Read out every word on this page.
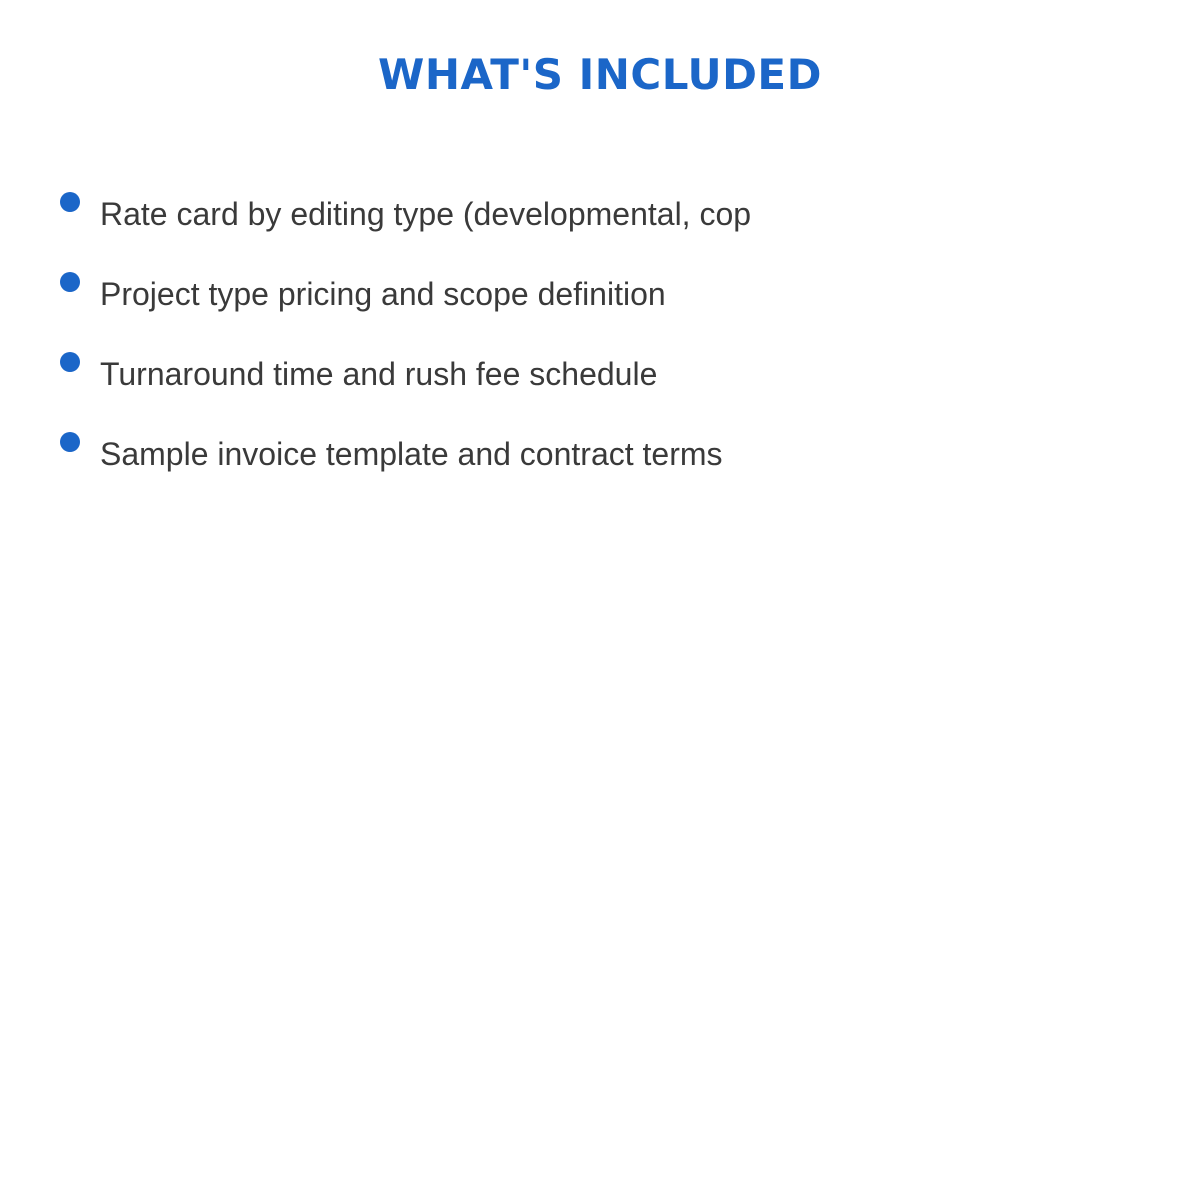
WHAT'S INCLUDED
Rate card by editing type (developmental, cop
Project type pricing and scope definition
Turnaround time and rush fee schedule
Sample invoice template and contract terms
